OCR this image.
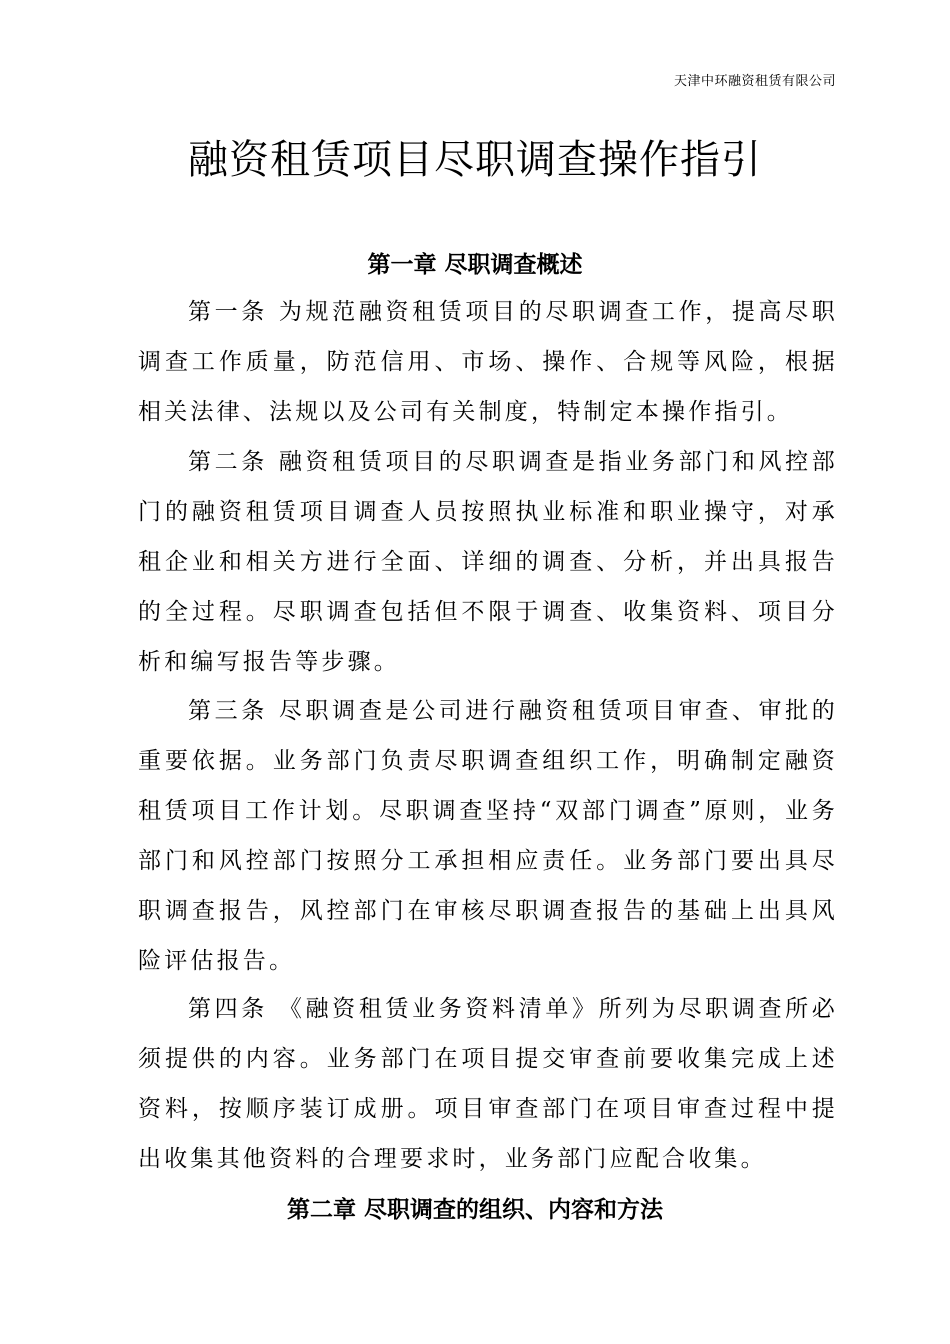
天津中环融资租赁有限公司
融资租赁项目尽职调查操作指引
第一章 尽职调查概述

第一条 为规范融资租赁项目的尽职调查工作，提高尽职调查工作质量，防范信用、市场、操作、合规等风险，根据相关法律、法规以及公司有关制度，特制定本操作指引。

第二条 融资租赁项目的尽职调查是指业务部门和风控部门的融资租赁项目调查人员按照执业标准和职业操守，对承租企业和相关方进行全面、详细的调查、分析，并出具报告的全过程。尽职调查包括但不限于调查、收集资料、项目分析和编写报告等步骤。

第三条 尽职调查是公司进行融资租赁项目审查、审批的重要依据。业务部门负责尽职调查组织工作，明确制定融资租赁项目工作计划。尽职调查坚持“双部门调查”原则，业务部门和风控部门按照分工承担相应责任。业务部门要出具尽职调查报告，风控部门在审核尽职调查报告的基础上出具风险评估报告。

第四条 《融资租赁业务资料清单》所列为尽职调查所必须提供的内容。业务部门在项目提交审查前要收集完成上述资料，按顺序装订成册。项目审查部门在项目审查过程中提出收集其他资料的合理要求时，业务部门应配合收集。

第二章 尽职调查的组织、内容和方法
